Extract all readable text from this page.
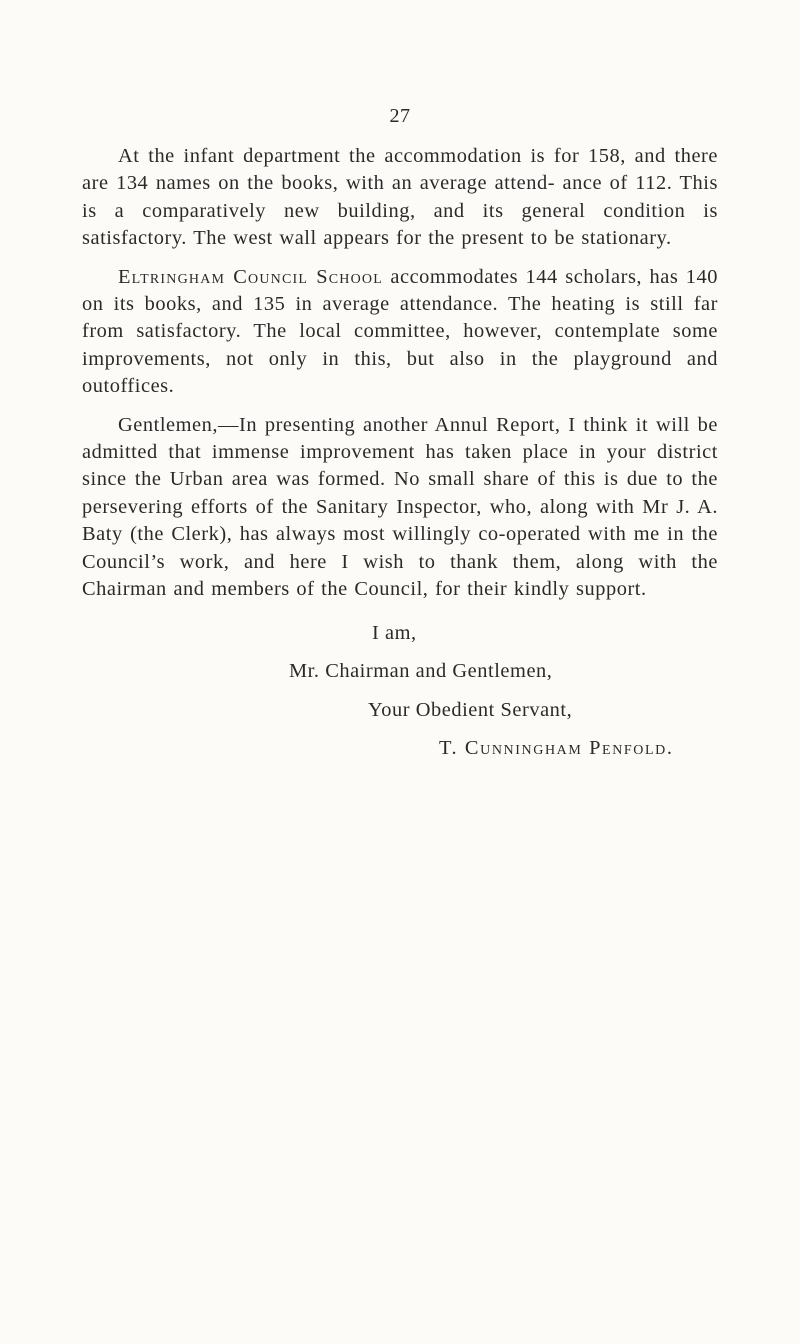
27

At the infant department the accommodation is for 158, and there are 134 names on the books, with an average attend- ance of 112. This is a comparatively new building, and its general condition is satisfactory. The west wall appears for the present to be stationary.

Eltringham Council School accommodates 144 scholars, has 140 on its books, and 135 in average attendance. The heating is still far from satisfactory. The local committee, however, contemplate some improvements, not only in this, but also in the playground and outoffices.

Gentlemen,—In presenting another Annul Report, I think it will be admitted that immense improvement has taken place in your district since the Urban area was formed. No small share of this is due to the persevering efforts of the Sanitary Inspector, who, along with Mr J. A. Baty (the Clerk), has always most willingly co-operated with me in the Council’s work, and here I wish to thank them, along with the Chairman and members of the Council, for their kindly support.

I am,
Mr. Chairman and Gentlemen,
Your Obedient Servant,
T. Cunningham Penfold.
